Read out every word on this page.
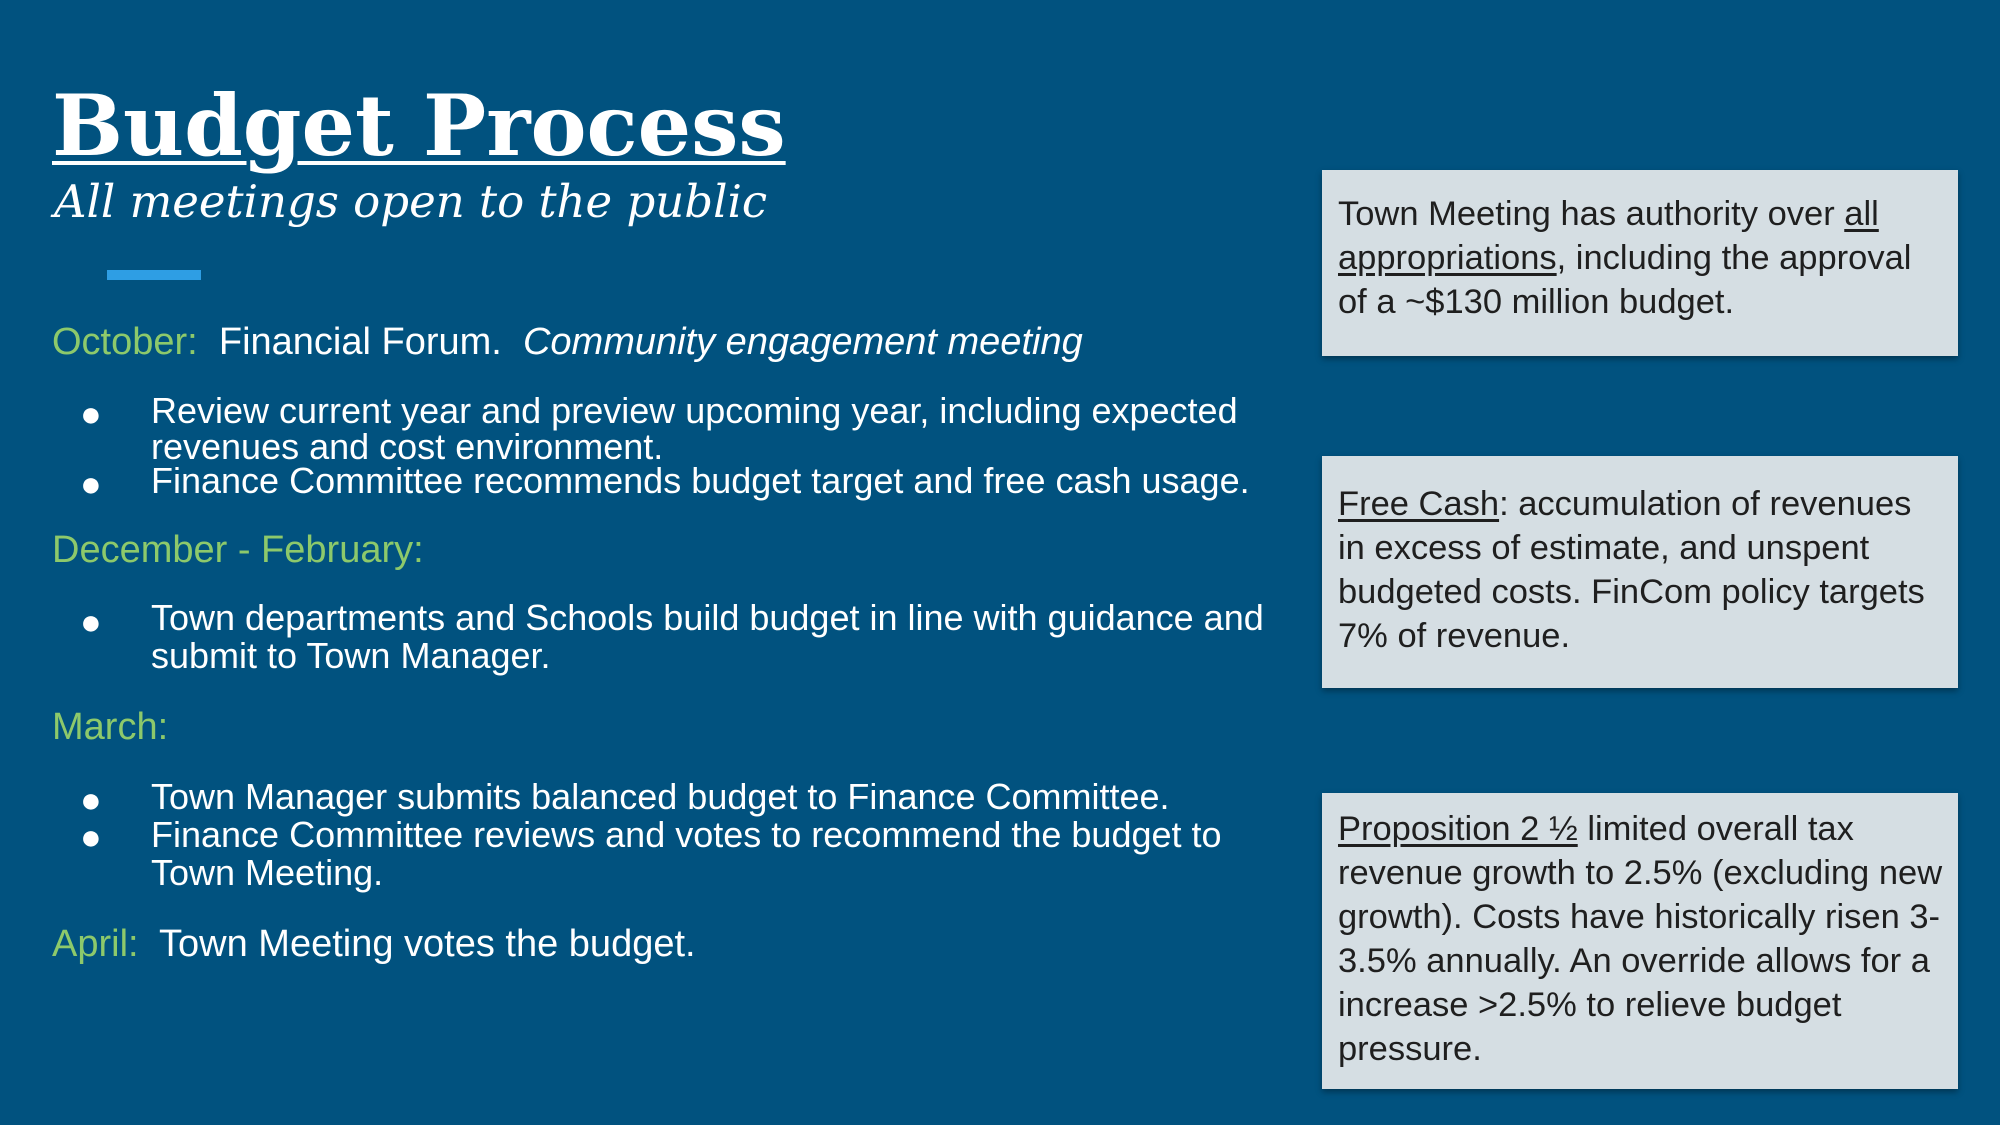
Budget Process
All meetings open to the public
October: Financial Forum. Community engagement meeting
● Review current year and preview upcoming year, including expected revenues and cost environment.
● Finance Committee recommends budget target and free cash usage.
December - February:
● Town departments and Schools build budget in line with guidance and submit to Town Manager.
March:
● Town Manager submits balanced budget to Finance Committee.
● Finance Committee reviews and votes to recommend the budget to Town Meeting.
April: Town Meeting votes the budget.
Town Meeting has authority over all appropriations, including the approval of a ~$130 million budget.
Free Cash: accumulation of revenues in excess of estimate, and unspent budgeted costs. FinCom policy targets 7% of revenue.
Proposition 2 ½ limited overall tax revenue growth to 2.5% (excluding new growth). Costs have historically risen 3-3.5% annually. An override allows for a increase >2.5% to relieve budget pressure.
